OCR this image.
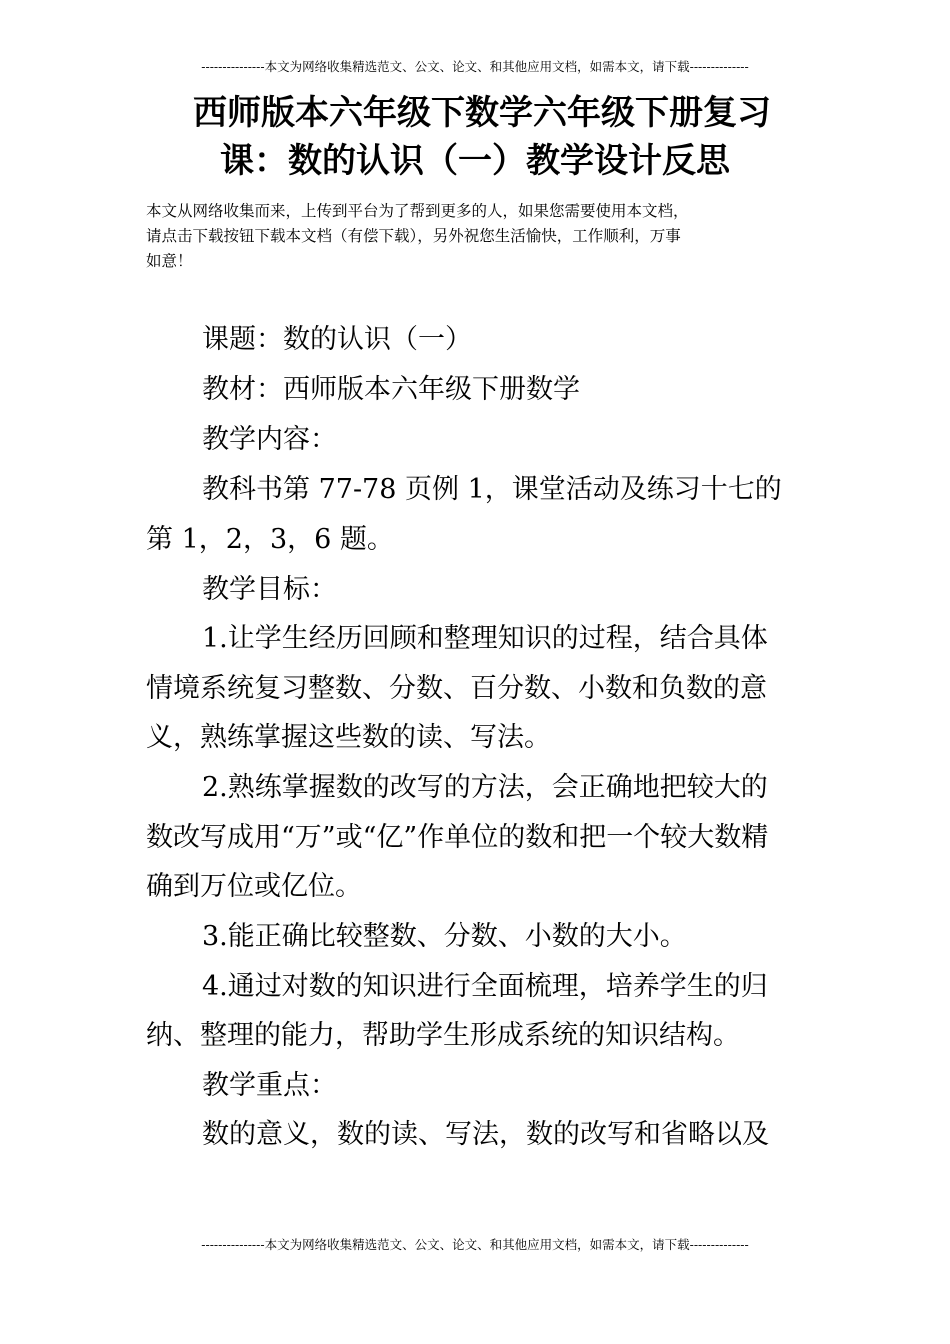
---------------本文为网络收集精选范文、公文、论文、和其他应用文档，如需本文，请下载--------------
西师版本六年级下数学六年级下册复习
课：数的认识（一）教学设计反思
本文从网络收集而来，上传到平台为了帮到更多的人，如果您需要使用本文档，
请点击下载按钮下载本文档（有偿下载），另外祝您生活愉快，工作顺利，万事
如意！
课题：数的认识（一）
教材：西师版本六年级下册数学
教学内容：
教科书第 77-78 页例 1，课堂活动及练习十七的
第 1，2，3，6 题。
教学目标：
1.让学生经历回顾和整理知识的过程，结合具体
情境系统复习整数、分数、百分数、小数和负数的意
义，熟练掌握这些数的读、写法。
2.熟练掌握数的改写的方法，会正确地把较大的
数改写成用“万”或“亿”作单位的数和把一个较大数精
确到万位或亿位。
3.能正确比较整数、分数、小数的大小。
4.通过对数的知识进行全面梳理，培养学生的归
纳、整理的能力，帮助学生形成系统的知识结构。
教学重点：
数的意义，数的读、写法，数的改写和省略以及
---------------本文为网络收集精选范文、公文、论文、和其他应用文档，如需本文，请下载--------------
